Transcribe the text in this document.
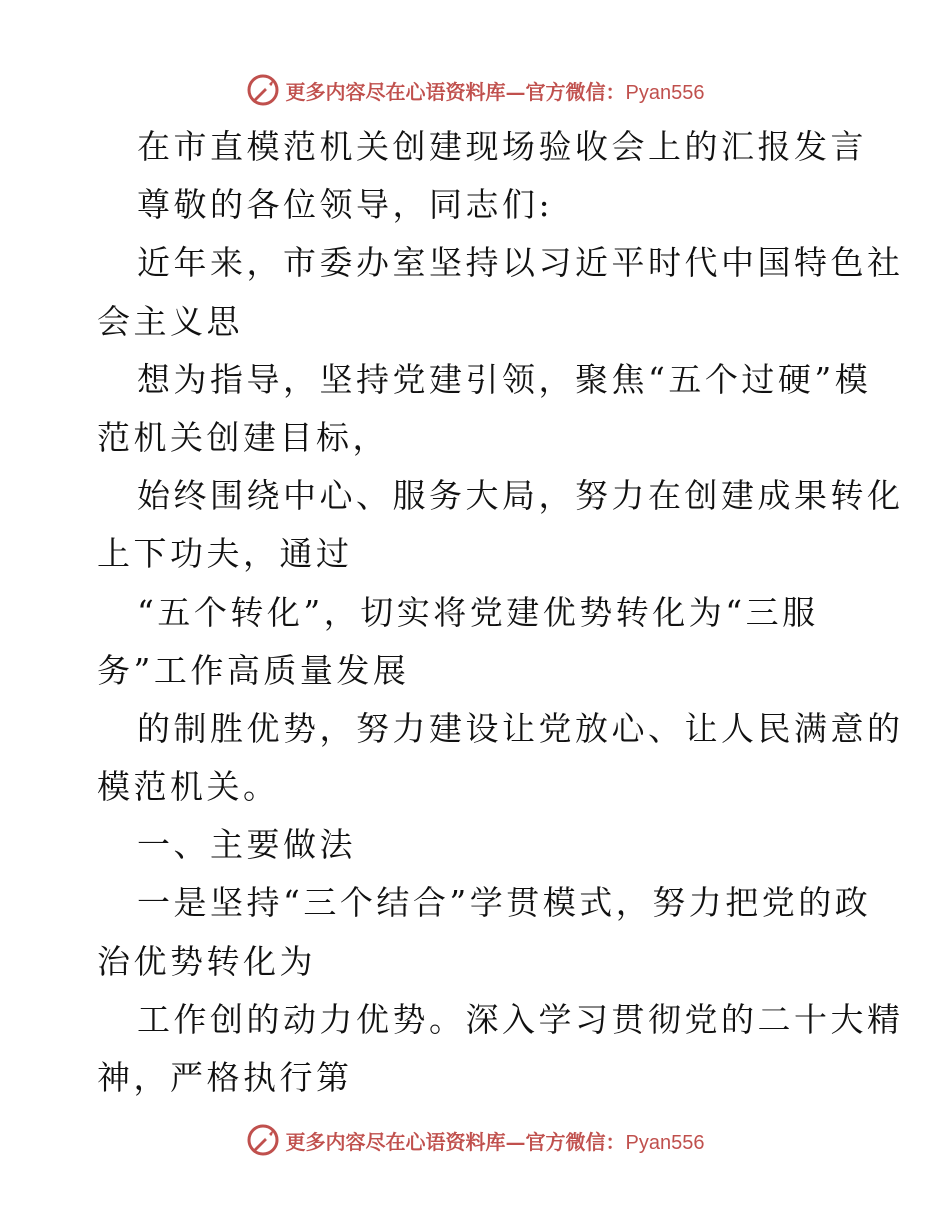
更多内容尽在心语资料库—官方微信：Pyan556
在市直模范机关创建现场验收会上的汇报发言
尊敬的各位领导，同志们:
近年来，市委办室坚持以习近平时代中国特色社
会主义思
想为指导，坚持党建引领，聚焦“五个过硬”模
范机关创建目标，
始终围绕中心、服务大局，努力在创建成果转化
上下功夫，通过
“五个转化”，切实将党建优势转化为“三服
务”工作高质量发展
的制胜优势，努力建设让党放心、让人民满意的
模范机关。
一、主要做法
一是坚持“三个结合”学贯模式，努力把党的政
治优势转化为
工作创的动力优势。深入学习贯彻党的二十大精
神，严格执行第
更多内容尽在心语资料库—官方微信：Pyan556
